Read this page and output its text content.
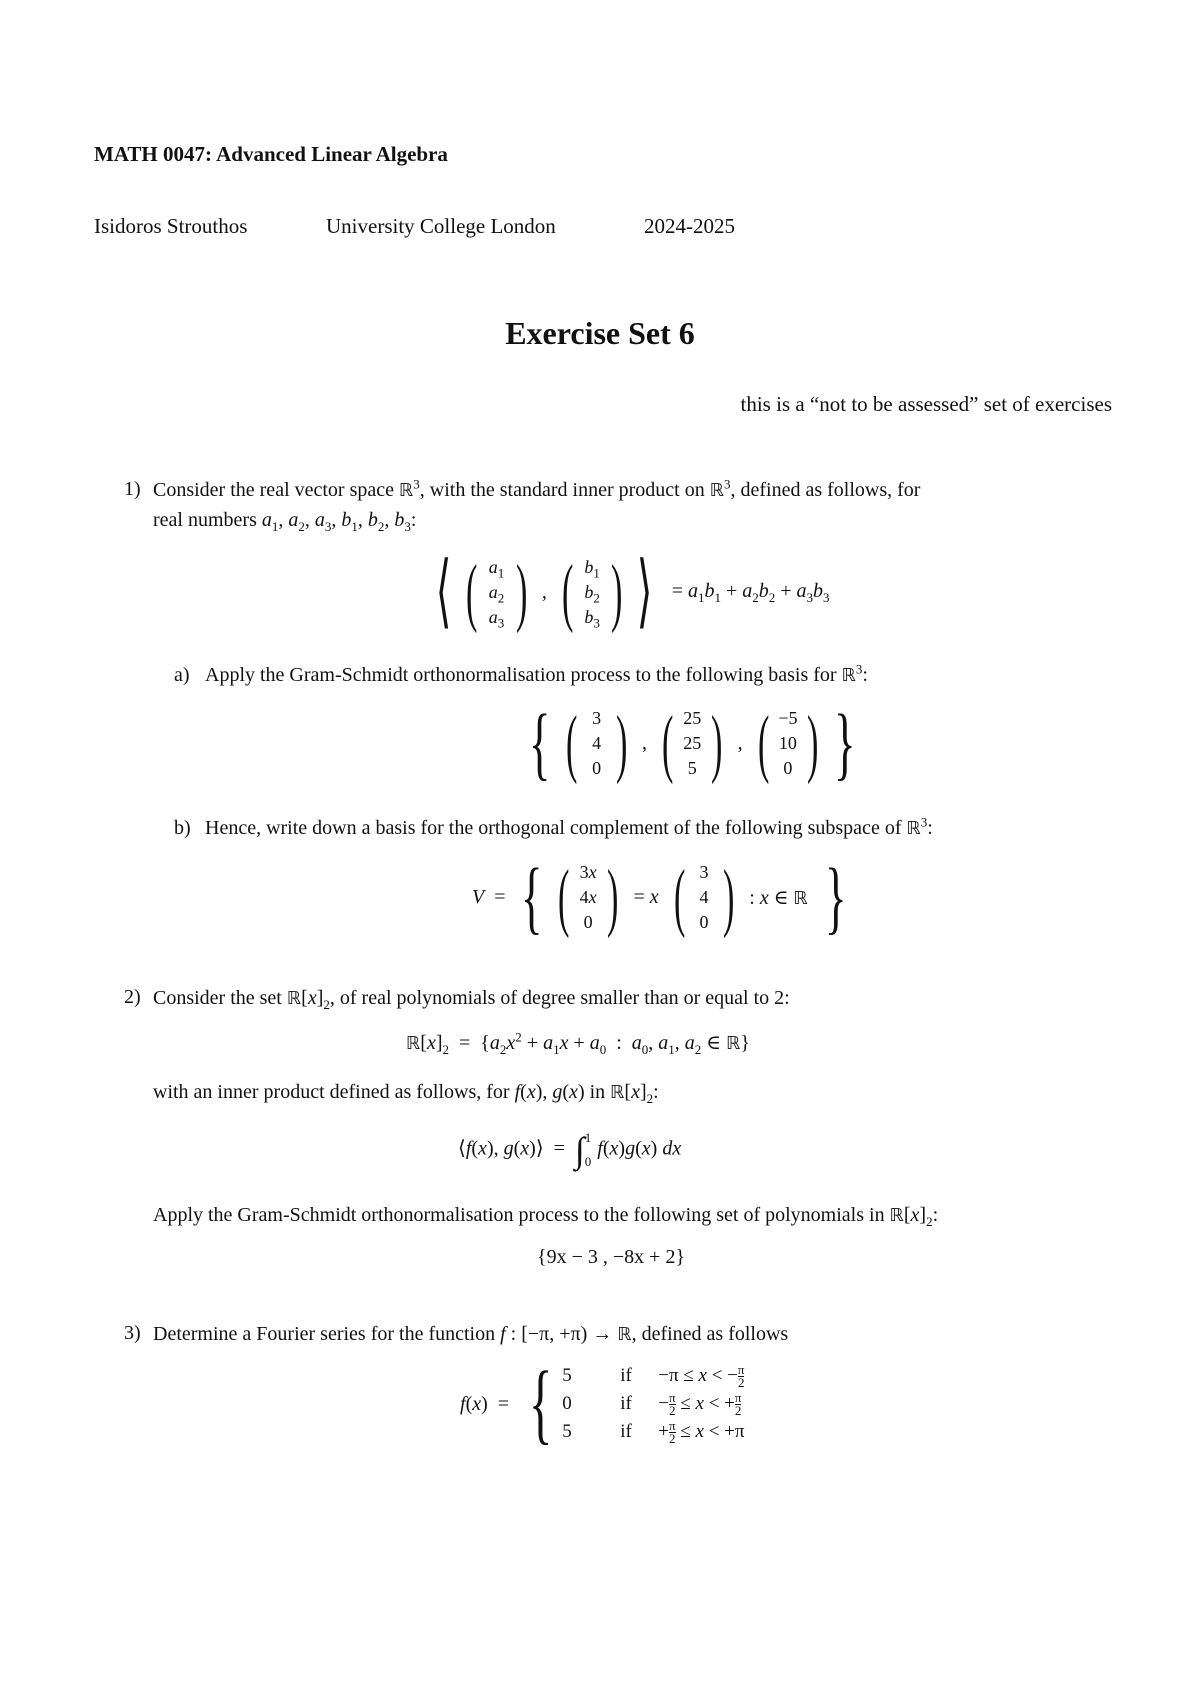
MATH 0047: Advanced Linear Algebra
Isidoros Strouthos	University College London	2024-2025
Exercise Set 6
this is a “not to be assessed” set of exercises
1) Consider the real vector space ℝ$^3$, with the standard inner product on ℝ$^3$, defined as follows, for
real numbers $a_1$, $a_2$, $a_3$, $b_1$, $b_2$, $b_3$:
⟨ ( $a_1$
$a_2$
$a_3$ ) , ( $b_1$
$b_2$
$b_3$ ) ⟩ = $a_1b_1 + a_2b_2 + a_3b_3$
a) Apply the Gram-Schmidt orthonormalisation process to the following basis for ℝ$^3$:
{ ( 3
4
0 ) , ( 25
25
5 ) , ( −5
10
0 ) }
b) Hence, write down a basis for the orthogonal complement of the following subspace of ℝ$^3$:
V = { ( 3x
4x
0 ) = x ( 3
4
0 ) : x ∈ ℝ }
2) Consider the set $ℝ[x]_2$, of real polynomials of degree smaller than or equal to 2:
$ℝ[x]_2 = \{a_2x^2 + a_1x + a_0$  :  $a_0$, $a_1$, $a_2$ ∈ ℝ}
with an inner product defined as follows, for f(x), g(x) in $ℝ[x]_2$:
⟨f(x), g(x)⟩  =  ∫ 1
0
f(x)g(x) dx
Apply the Gram-Schmidt orthonormalisation process to the following set of polynomials in $ℝ[x]_2$:
{9x − 3 , −8x + 2}
3) Determine a Fourier series for the function f : [−π, +π) → ℝ, defined as follows
f ( x )  = { 5	if −π ≤ x < − $\frac{\pi}{2}$
0	if − $\frac{\pi}{2} \le x$ < + $\frac{\pi}{2}$
5	if + $\frac{\pi}{2} \le x < +\pi$
